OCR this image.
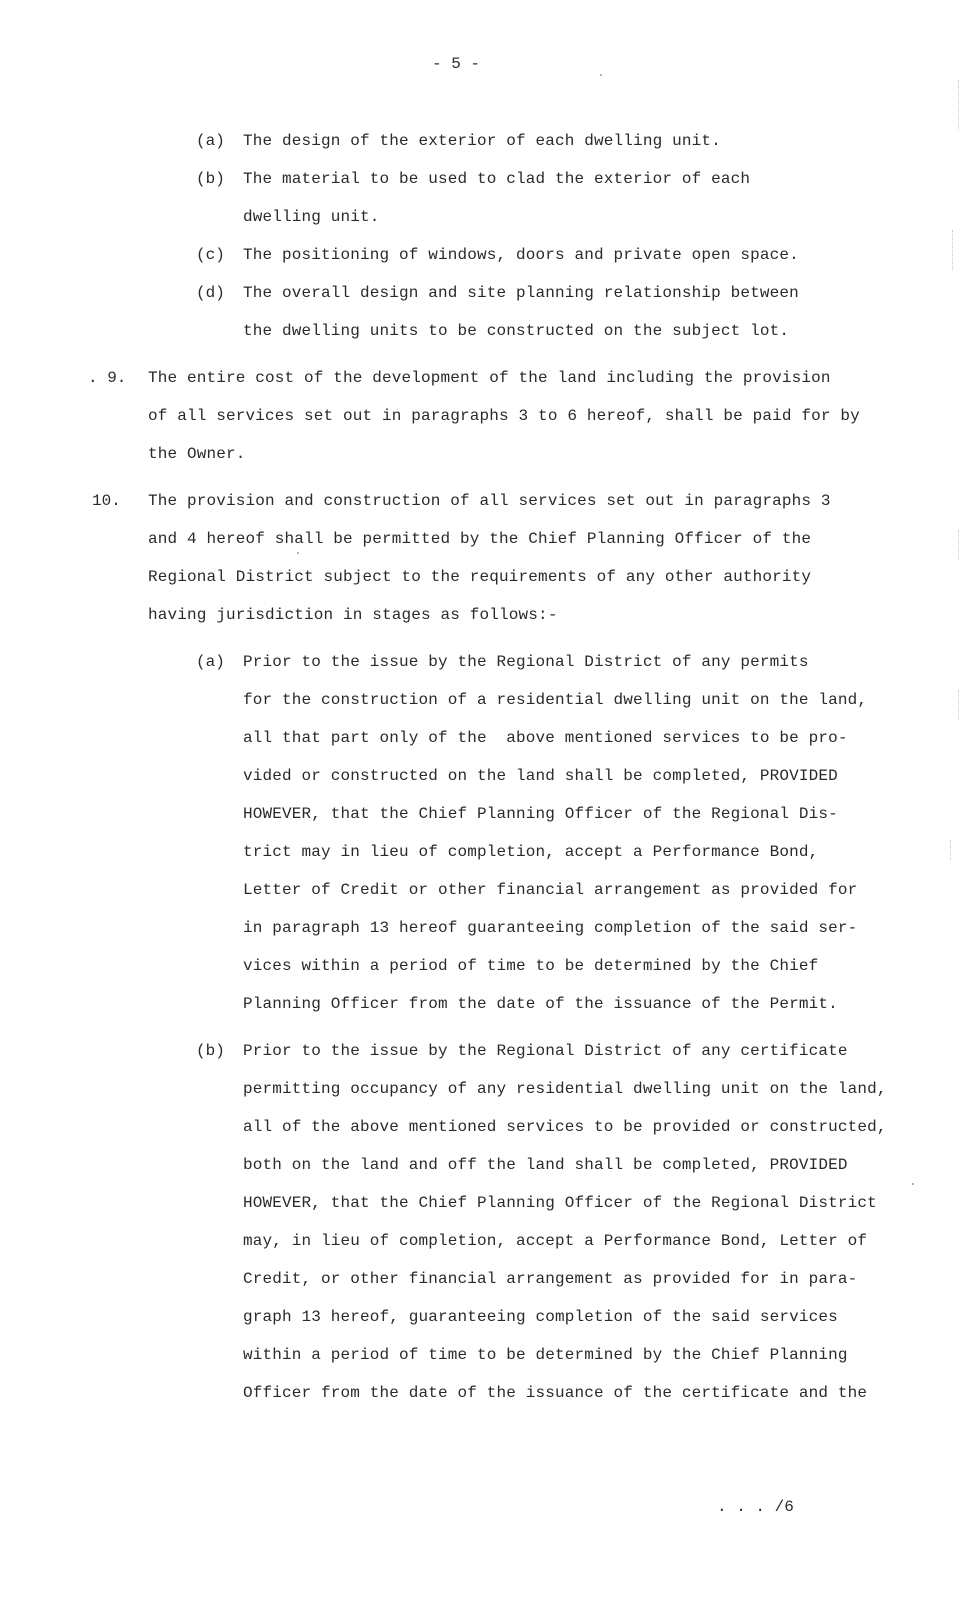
- 5 -
(a) The design of the exterior of each dwelling unit.
(b) The material to be used to clad the exterior of each
dwelling unit.
(c) The positioning of windows, doors and private open space.
(d) The overall design and site planning relationship between
the dwelling units to be constructed on the subject lot.
. 9. The entire cost of the development of the land including the provision
of all services set out in paragraphs 3 to 6 hereof, shall be paid for by
the Owner.
10. The provision and construction of all services set out in paragraphs 3
and 4 hereof shall be permitted by the Chief Planning Officer of the
Regional District subject to the requirements of any other authority
having jurisdiction in stages as follows:-
(a) Prior to the issue by the Regional District of any permits
for the construction of a residential dwelling unit on the land,
all that part only of the  above mentioned services to be pro-
vided or constructed on the land shall be completed, PROVIDED
HOWEVER, that the Chief Planning Officer of the Regional Dis-
trict may in lieu of completion, accept a Performance Bond,
Letter of Credit or other financial arrangement as provided for
in paragraph 13 hereof guaranteeing completion of the said ser-
vices within a period of time to be determined by the Chief
Planning Officer from the date of the issuance of the Permit.
(b) Prior to the issue by the Regional District of any certificate
permitting occupancy of any residential dwelling unit on the land,
all of the above mentioned services to be provided or constructed,
both on the land and off the land shall be completed, PROVIDED
HOWEVER, that the Chief Planning Officer of the Regional District
may, in lieu of completion, accept a Performance Bond, Letter of
Credit, or other financial arrangement as provided for in para-
graph 13 hereof, guaranteeing completion of the said services
within a period of time to be determined by the Chief Planning
Officer from the date of the issuance of the certificate and the
. . . /6
